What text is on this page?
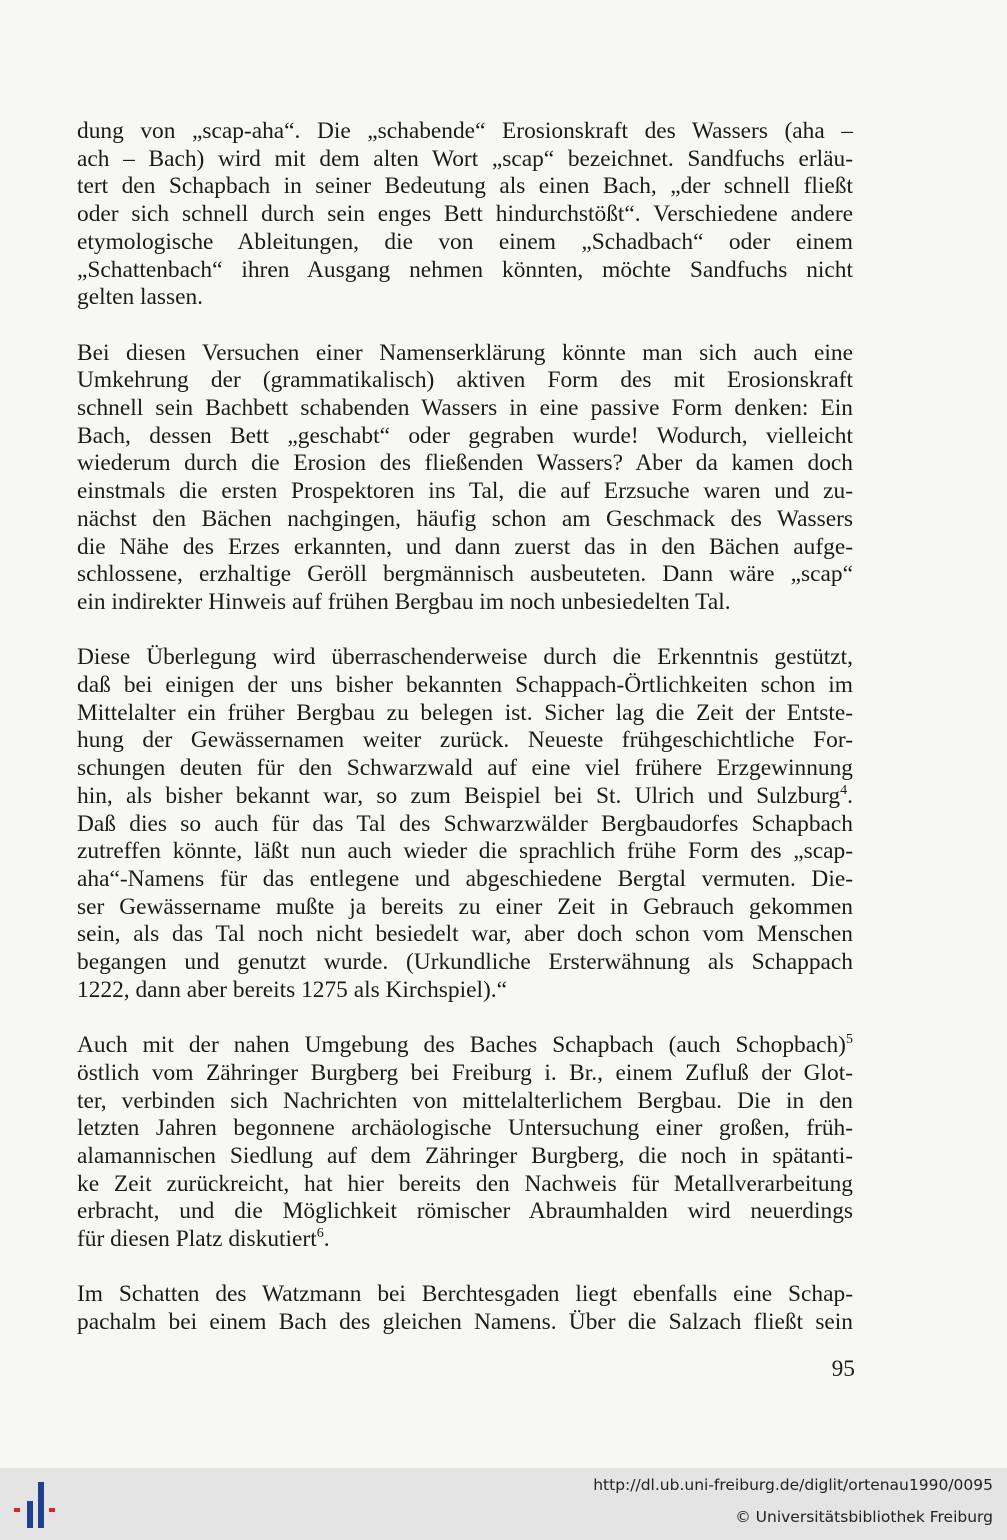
dung von „scap-aha“. Die „schabende“ Erosionskraft des Wassers (aha –
ach – Bach) wird mit dem alten Wort „scap“ bezeichnet. Sandfuchs erläu-
tert den Schapbach in seiner Bedeutung als einen Bach, „der schnell fließt
oder sich schnell durch sein enges Bett hindurchstößt“. Verschiedene andere
etymologische Ableitungen, die von einem „Schadbach“ oder einem
„Schattenbach“ ihren Ausgang nehmen könnten, möchte Sandfuchs nicht
gelten lassen.

Bei diesen Versuchen einer Namenserklärung könnte man sich auch eine
Umkehrung der (grammatikalisch) aktiven Form des mit Erosionskraft
schnell sein Bachbett schabenden Wassers in eine passive Form denken: Ein
Bach, dessen Bett „geschabt“ oder gegraben wurde! Wodurch, vielleicht
wiederum durch die Erosion des fließenden Wassers? Aber da kamen doch
einstmals die ersten Prospektoren ins Tal, die auf Erzsuche waren und zu-
nächst den Bächen nachgingen, häufig schon am Geschmack des Wassers
die Nähe des Erzes erkannten, und dann zuerst das in den Bächen aufge-
schlossene, erzhaltige Geröll bergmännisch ausbeuteten. Dann wäre „scap“
ein indirekter Hinweis auf frühen Bergbau im noch unbesiedelten Tal.

Diese Überlegung wird überraschenderweise durch die Erkenntnis gestützt,
daß bei einigen der uns bisher bekannten Schappach-Örtlichkeiten schon im
Mittelalter ein früher Bergbau zu belegen ist. Sicher lag die Zeit der Entste-
hung der Gewässernamen weiter zurück. Neueste frühgeschichtliche For-
schungen deuten für den Schwarzwald auf eine viel frühere Erzgewinnung
hin, als bisher bekannt war, so zum Beispiel bei St. Ulrich und Sulzburg$^4$.
Daß dies so auch für das Tal des Schwarzwälder Bergbaudorfes Schapbach
zutreffen könnte, läßt nun auch wieder die sprachlich frühe Form des „scap-
aha“-Namens für das entlegene und abgeschiedene Bergtal vermuten. Die-
ser Gewässername mußte ja bereits zu einer Zeit in Gebrauch gekommen
sein, als das Tal noch nicht besiedelt war, aber doch schon vom Menschen
begangen und genutzt wurde. (Urkundliche Ersterwähnung als Schappach
1222, dann aber bereits 1275 als Kirchspiel).“

Auch mit der nahen Umgebung des Baches Schapbach (auch Schopbach)$^5$
östlich vom Zähringer Burgberg bei Freiburg i. Br., einem Zufluß der Glot-
ter, verbinden sich Nachrichten von mittelalterlichem Bergbau. Die in den
letzten Jahren begonnene archäologische Untersuchung einer großen, früh-
alamannischen Siedlung auf dem Zähringer Burgberg, die noch in spätanti-
ke Zeit zurückreicht, hat hier bereits den Nachweis für Metallverarbeitung
erbracht, und die Möglichkeit römischer Abraumhalden wird neuerdings
für diesen Platz diskutiert$^6$.

Im Schatten des Watzmann bei Berchtesgaden liegt ebenfalls eine Schap-
pachalm bei einem Bach des gleichen Namens. Über die Salzach fließt sein

95
http://dl.ub.uni-freiburg.de/diglit/ortenau1990/0095
© Universitätsbibliothek Freiburg
